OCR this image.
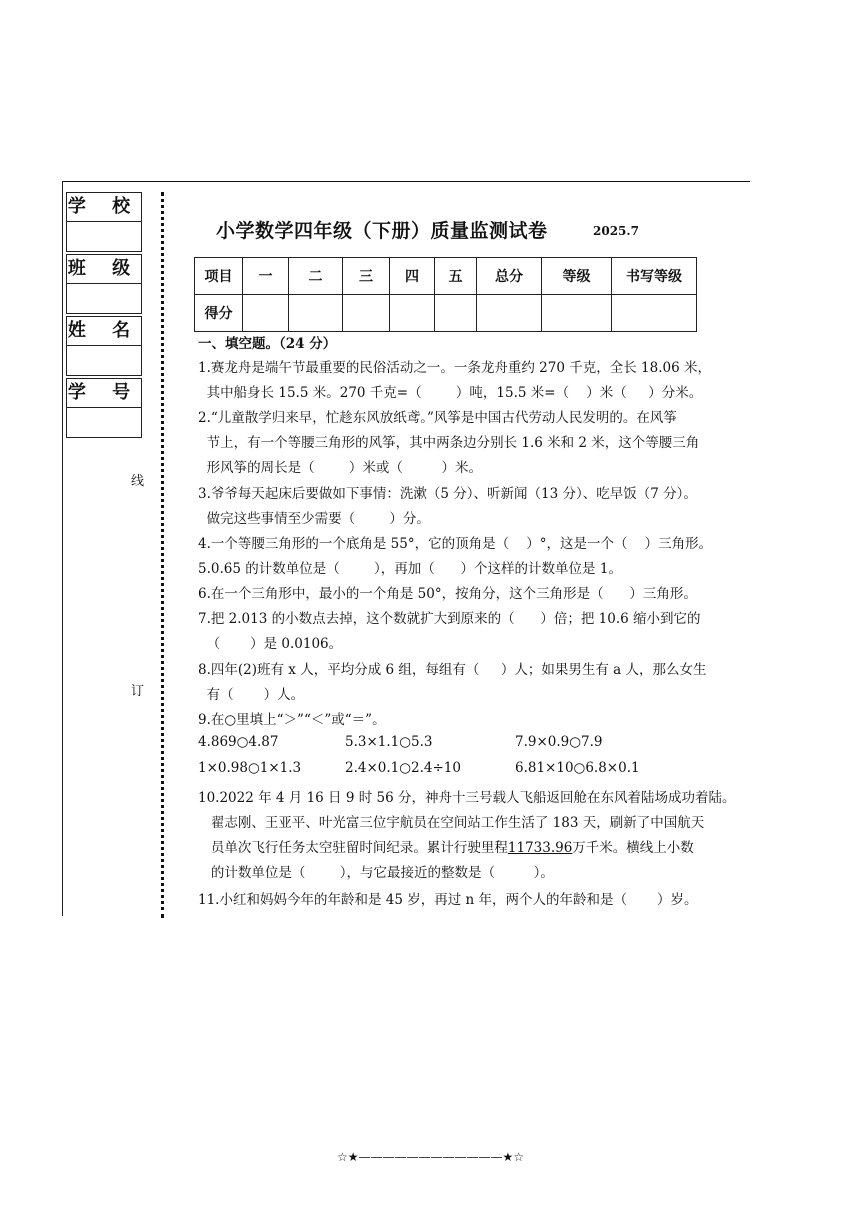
学 校
班 级
姓 名
学 号
线
订
小学数学四年级（下册）质量监测试卷	2025.7
项目	一	二	三	四	五	总分	等级	书写等级
得分								
一、填空题。（24 分）
1.赛龙舟是端午节最重要的民俗活动之一。一条龙舟重约 270 千克，全长 18.06 米，
其中船身长 15.5 米。270 千克=（        ）吨，15.5 米=（    ）米（     ）分米。
2.“儿童散学归来早，忙趁东风放纸鸢。”风筝是中国古代劳动人民发明的。在风筝
节上，有一个等腰三角形的风筝，其中两条边分别长 1.6 米和 2 米，这个等腰三角
形风筝的周长是（        ）米或（         ）米。
3.爷爷每天起床后要做如下事情：洗漱（5 分）、听新闻（13 分）、吃早饭（7 分）。
做完这些事情至少需要（        ）分。
4.一个等腰三角形的一个底角是 55°，它的顶角是（    ）°，这是一个（    ）三角形。
5.0.65 的计数单位是（        ），再加（      ）个这样的计数单位是 1。
6.在一个三角形中，最小的一个角是 50°，按角分，这个三角形是（      ）三角形。
7.把 2.013 的小数点去掉，这个数就扩大到原来的（      ）倍；把 10.6 缩小到它的
（       ）是 0.0106。
8.四年(2)班有 x 人，平均分成 6 组，每组有（     ）人；如果男生有 a 人，那么女生
有（       ）人。
9.在○里填上“＞”“＜”或“＝”。
4.869○4.87	5.3×1.1○5.3	7.9×0.9○7.9
1×0.98○1×1.3	2.4×0.1○2.4÷10	6.81×10○6.8×0.1
10.2022 年 4 月 16 日 9 时 56 分，神舟十三号载人飞船返回舱在东风着陆场成功着陆。
翟志刚、王亚平、叶光富三位宇航员在空间站工作生活了 183 天，刷新了中国航天
员单次飞行任务太空驻留时间纪录。累计行驶里程11733.96万千米。横线上小数
的计数单位是（        ），与它最接近的整数是（         ）。
11.小红和妈妈今年的年龄和是 45 岁，再过 n 年，两个人的年龄和是（       ）岁。
☆★————————————★☆
